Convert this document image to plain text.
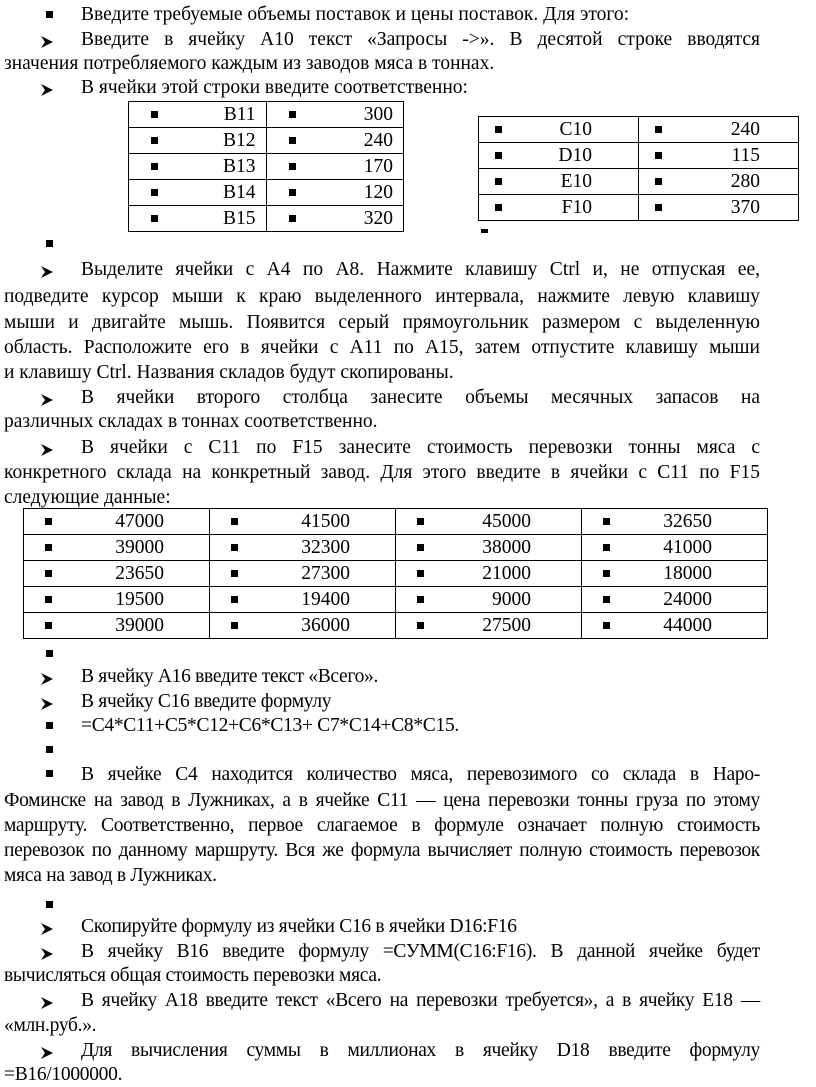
Введите требуемые объемы поставок и цены поставок. Для этого:
Введите в ячейку A10 текст «Запросы ->». В десятой строке вводятся
значения потребляемого каждым из заводов мяса в тоннах.
В ячейки этой строки введите соответственно:
B11	300

B12	240

B13	170

B14	120

B15	320
C10	240

D10	115

E10	280

F10	370
Выделите ячейки с A4 по A8. Нажмите клавишу Ctrl и, не отпуская ее,
подведите курсор мыши к краю выделенного интервала, нажмите левую клавишу
мыши и двигайте мышь. Появится серый прямоугольник размером с выделенную
область. Расположите его в ячейки с A11 по A15, затем отпустите клавишу мыши
и клавишу Ctrl. Названия складов будут скопированы.
В ячейки второго столбца занесите объемы месячных запасов на
различных складах в тоннах соответственно.
В ячейки с C11 по F15 занесите стоимость перевозки тонны мяса с
конкретного склада на конкретный завод. Для этого введите в ячейки с C11 по F15
следующие данные:
47000	41500	45000	32650

39000	32300	38000	41000

23650	27300	21000	18000

19500	19400	9000	24000

39000	36000	27500	44000
В ячейку A16 введите текст «Всего».
В ячейку C16 введите формулу
=C4*C11+C5*C12+C6*C13+ C7*C14+C8*C15.
В ячейке C4 находится количество мяса, перевозимого со склада в Наро-
Фоминске на завод в Лужниках, а в ячейке C11 — цена перевозки тонны груза по этому
маршруту. Соответственно, первое слагаемое в формуле означает полную стоимость
перевозок по данному маршруту. Вся же формула вычисляет полную стоимость перевозок
мяса на завод в Лужниках.
Скопируйте формулу из ячейки C16 в ячейки D16:F16
В ячейку B16 введите формулу =СУММ(C16:F16). В данной ячейке будет
вычисляться общая стоимость перевозки мяса.
В ячейку A18 введите текст «Всего на перевозки требуется», а в ячейку E18 —
«млн.руб.».
Для вычисления суммы в миллионах в ячейку D18 введите формулу
=B16/1000000.
